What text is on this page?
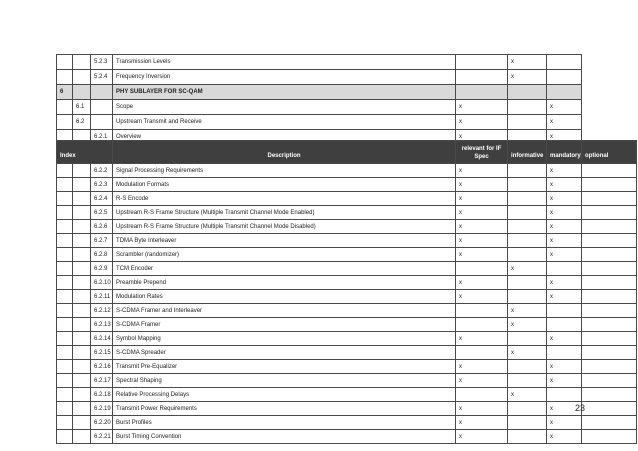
		5.2.3	Transmission Levels		x		
		5.2.4	Frequency Inversion		x		
6			PHY SUBLAYER FOR SC-QAM				
	6.1		Scope	x		x	
	6.2		Upstream Transmit and Receive	x		x	
		6.2.1	Overview	x		x	
Index			Description	relevant for IF Spec	informative	mandatory	optional
		6.2.2	Signal Processing Requirements	x		x	
		6.2.3	Modulation Formats	x		x	
		6.2.4	R-S Encode	x		x	
		6.2.5	Upstream R-S Frame Structure (Multiple Transmit Channel Mode Enabled)	x		x	
		6.2.6	Upstream R-S Frame Structure (Multiple Transmit Channel Mode Disabled)	x		x	
		6.2.7	TDMA Byte Interleaver	x		x	
		6.2.8	Scrambler (randomizer)	x		x	
		6.2.9	TCM Encoder		x		
		6.2.10	Preamble Prepend	x		x	
		6.2.11	Modulation Rates	x		x	
		6.2.12	S-CDMA Framer and Interleaver		x		
		6.2.13	S-CDMA Framer		x		
		6.2.14	Symbol Mapping	x		x	
		6.2.15	S-CDMA Spreader		x		
		6.2.16	Transmit Pre-Equalizer	x		x	
		6.2.17	Spectral Shaping	x		x	
		6.2.18	Relative Processing Delays		x		
		6.2.19	Transmit Power Requirements	x		x	
		6.2.20	Burst Profiles	x		x	
		6.2.21	Burst Timing Convention	x		x	
23
